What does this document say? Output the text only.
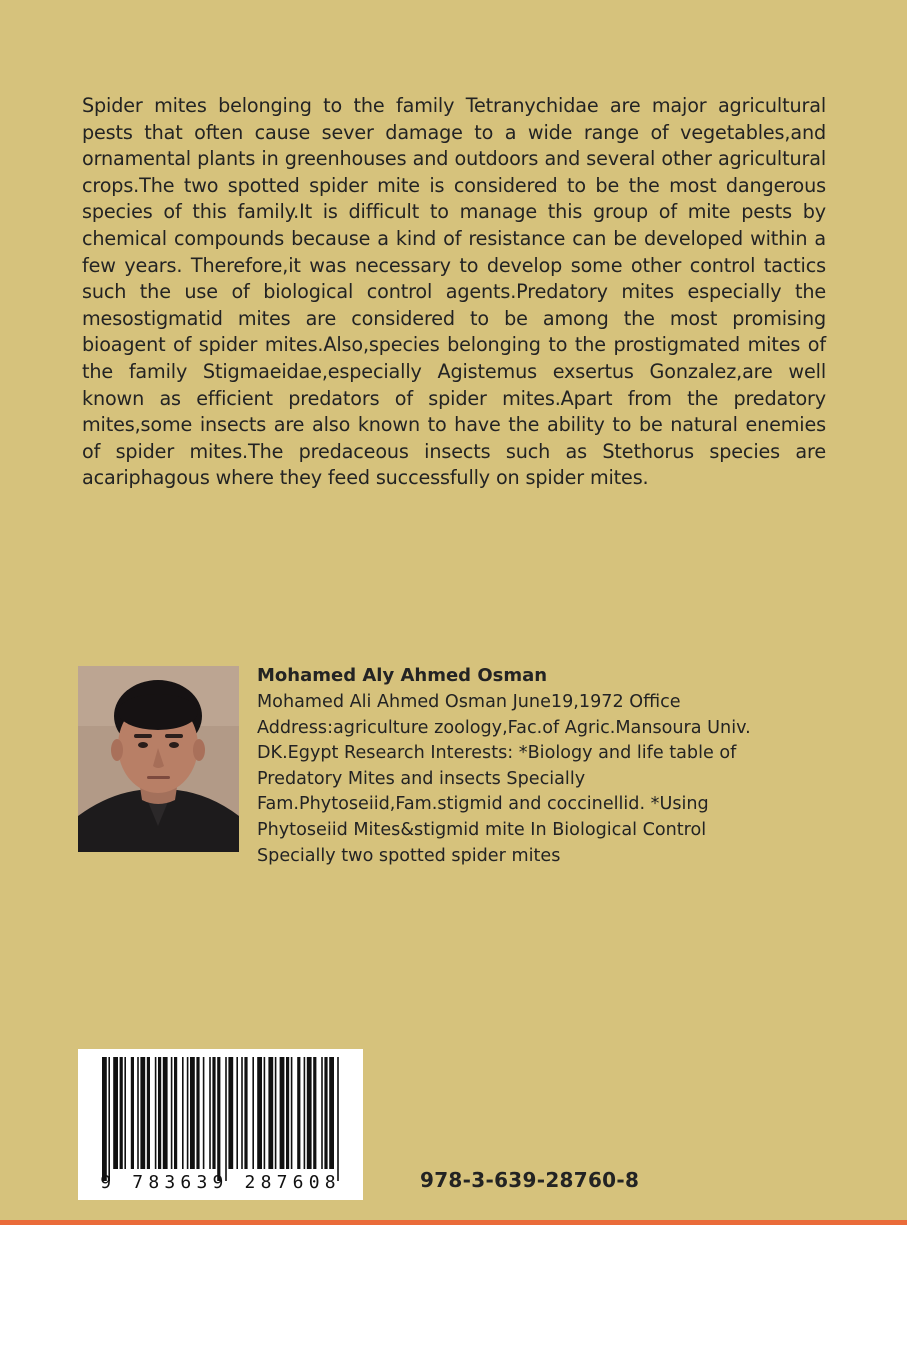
Spider mites belonging to the family Tetranychidae are major agricultural pests that often cause sever damage to a wide range of vegetables,and ornamental plants in greenhouses and outdoors and several other agricultural crops.The two spotted spider mite is considered to be the most dangerous species of this family.It is difficult to manage this group of mite pests by chemical compounds because a kind of resistance can be developed within a few years. Therefore,it was necessary to develop some other control tactics such the use of biological control agents.Predatory mites especially the mesostigmatid mites are considered to be among the most promising bioagent of spider mites.Also,species belonging to the prostigmated mites of the family Stigmaeidae,especially Agistemus exsertus Gonzalez,are well known as efficient predators of spider mites.Apart from the predatory mites,some insects are also known to have the ability to be natural enemies of spider mites.The predaceous insects such as Stethorus species are acariphagous where they feed successfully on spider mites.

Mohamed Aly Ahmed Osman
Mohamed Ali Ahmed Osman June19,1972 Office
Address:agriculture zoology,Fac.of Agric.Mansoura Univ.
DK.Egypt Research Interests: *Biology and life table of
Predatory Mites and insects Specially
Fam.Phytoseiid,Fam.stigmid and coccinellid. *Using
Phytoseiid Mites&stigmid mite In Biological Control
Specially two spotted spider mites
9 783639 287608	978-3-639-28760-8
